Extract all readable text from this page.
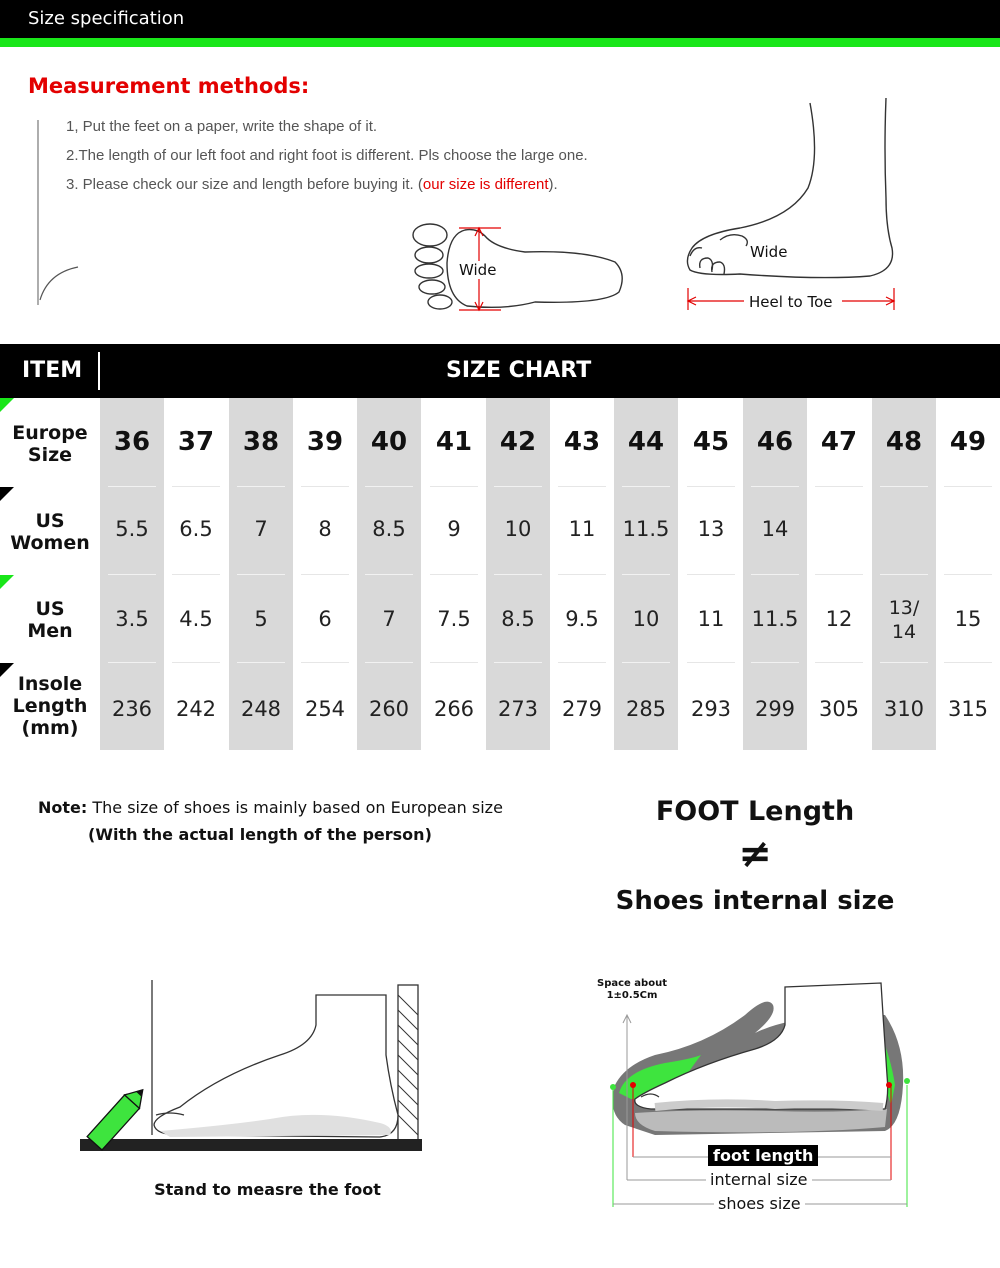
Size specification
Measurement methods:
1, Put the feet on a paper, write the shape of it.
2.The length of our left foot and right foot is different. Pls choose the large one.
3. Please check our size and length before buying it. (our size is different).
Wide
Wide
Heel to Toe
ITEM	SIZE CHART
Europe
Size
US
Women
US
Men
Insole
Length
(mm)
36
5.5
3.5
236
37
6.5
4.5
242
38
7
5
248
39
8
6
254
40
8.5
7
260
41
9
7.5
266
42
10
8.5
273
43
11
9.5
279
44
11.5
10
285
45
13
11
293
46
14
11.5
299
47
12
305
48
13/
14
310
49
15
315
Note: The size of shoes is mainly based on European size
(With the actual length of the person)
FOOT Length
≠
Shoes internal size
Stand to measre the foot
Space about
1±0.5Cm
foot length
internal size
shoes size
